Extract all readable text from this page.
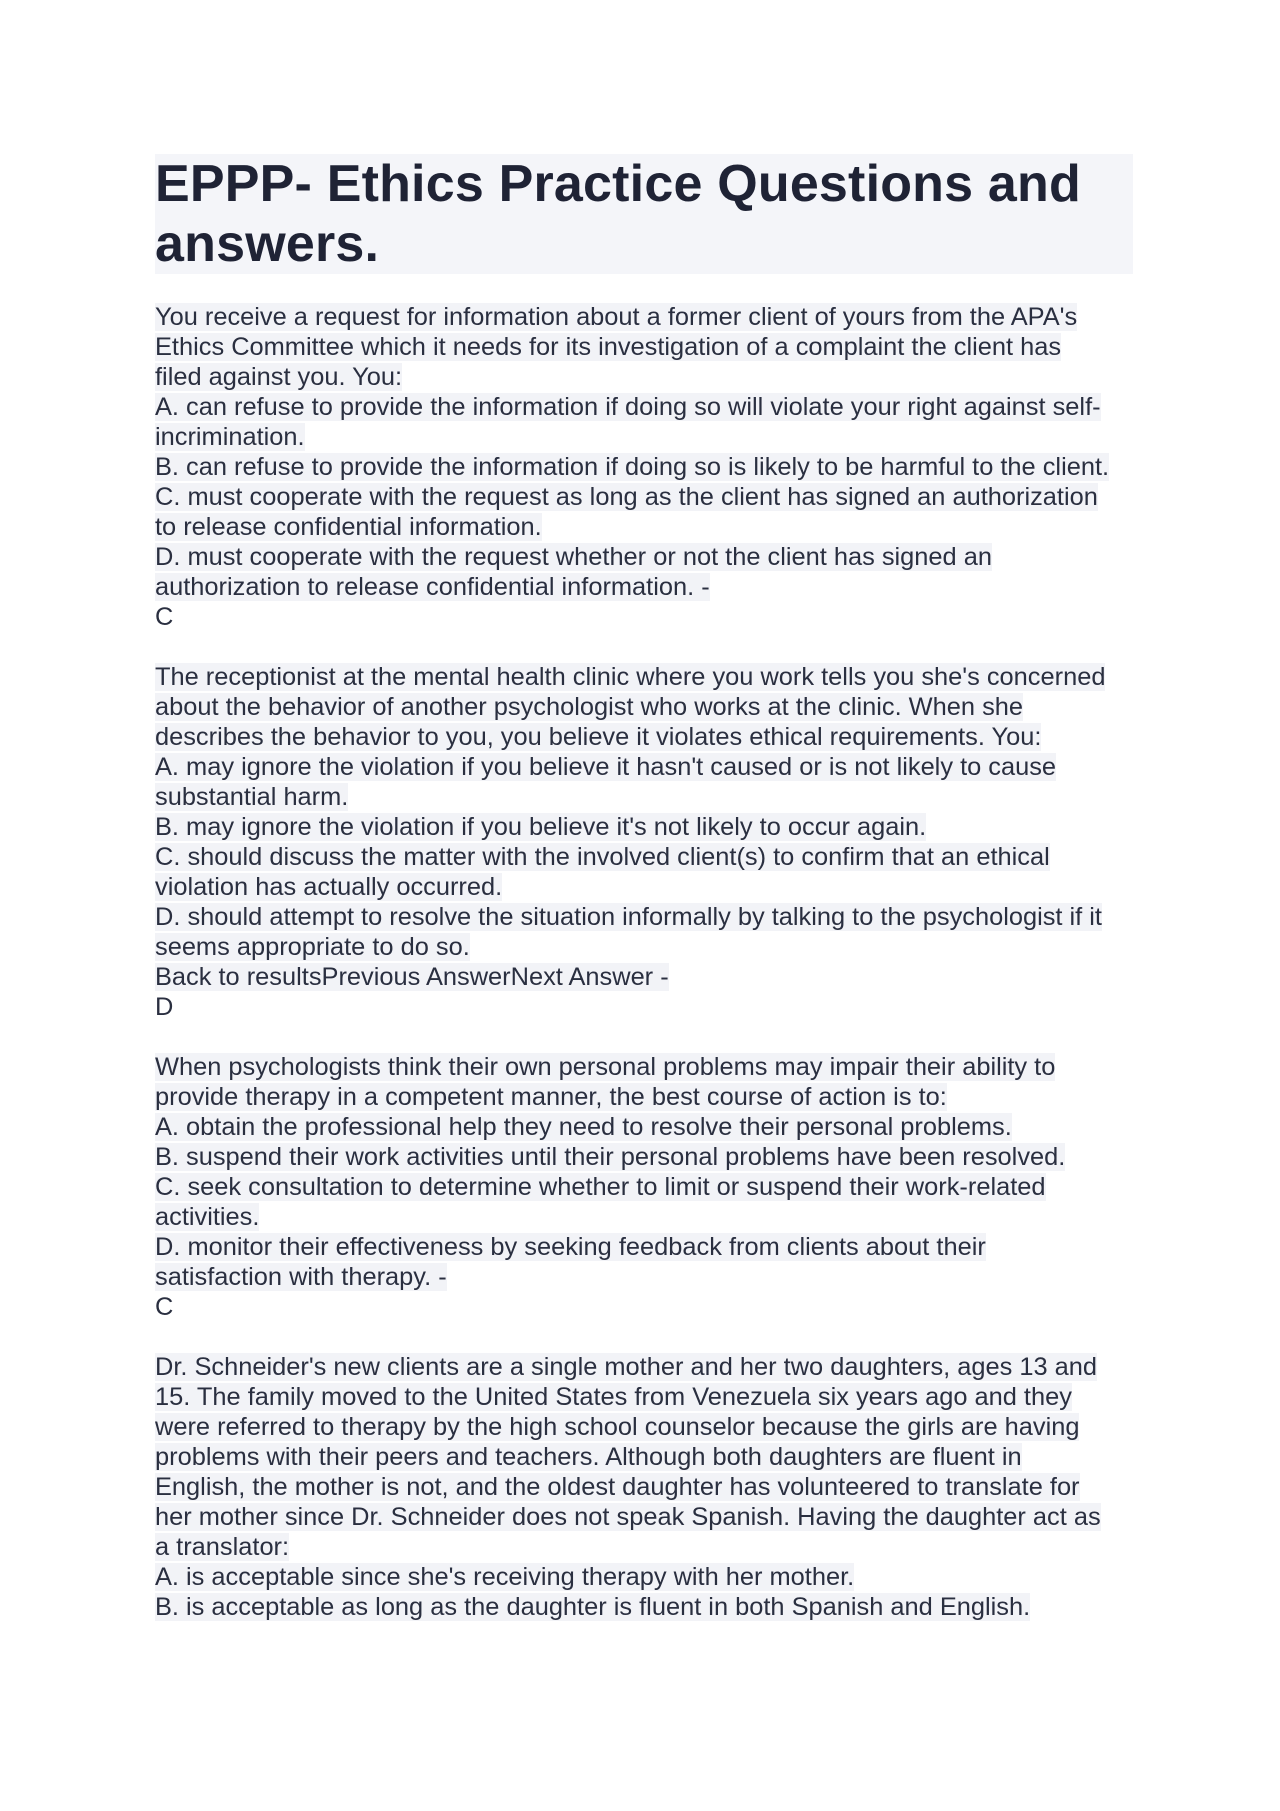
EPPP- Ethics Practice Questions and
answers.
You receive a request for information about a former client of yours from the APA's
Ethics Committee which it needs for its investigation of a complaint the client has
filed against you. You:
A. can refuse to provide the information if doing so will violate your right against self-
incrimination.
B. can refuse to provide the information if doing so is likely to be harmful to the client.
C. must cooperate with the request as long as the client has signed an authorization
to release confidential information.
D. must cooperate with the request whether or not the client has signed an
authorization to release confidential information. -
C
The receptionist at the mental health clinic where you work tells you she's concerned
about the behavior of another psychologist who works at the clinic. When she
describes the behavior to you, you believe it violates ethical requirements. You:
A. may ignore the violation if you believe it hasn't caused or is not likely to cause
substantial harm.
B. may ignore the violation if you believe it's not likely to occur again.
C. should discuss the matter with the involved client(s) to confirm that an ethical
violation has actually occurred.
D. should attempt to resolve the situation informally by talking to the psychologist if it
seems appropriate to do so.
Back to resultsPrevious AnswerNext Answer -
D
When psychologists think their own personal problems may impair their ability to
provide therapy in a competent manner, the best course of action is to:
A. obtain the professional help they need to resolve their personal problems.
B. suspend their work activities until their personal problems have been resolved.
C. seek consultation to determine whether to limit or suspend their work-related
activities.
D. monitor their effectiveness by seeking feedback from clients about their
satisfaction with therapy. -
C
Dr. Schneider's new clients are a single mother and her two daughters, ages 13 and
15. The family moved to the United States from Venezuela six years ago and they
were referred to therapy by the high school counselor because the girls are having
problems with their peers and teachers. Although both daughters are fluent in
English, the mother is not, and the oldest daughter has volunteered to translate for
her mother since Dr. Schneider does not speak Spanish. Having the daughter act as
a translator:
A. is acceptable since she's receiving therapy with her mother.
B. is acceptable as long as the daughter is fluent in both Spanish and English.
